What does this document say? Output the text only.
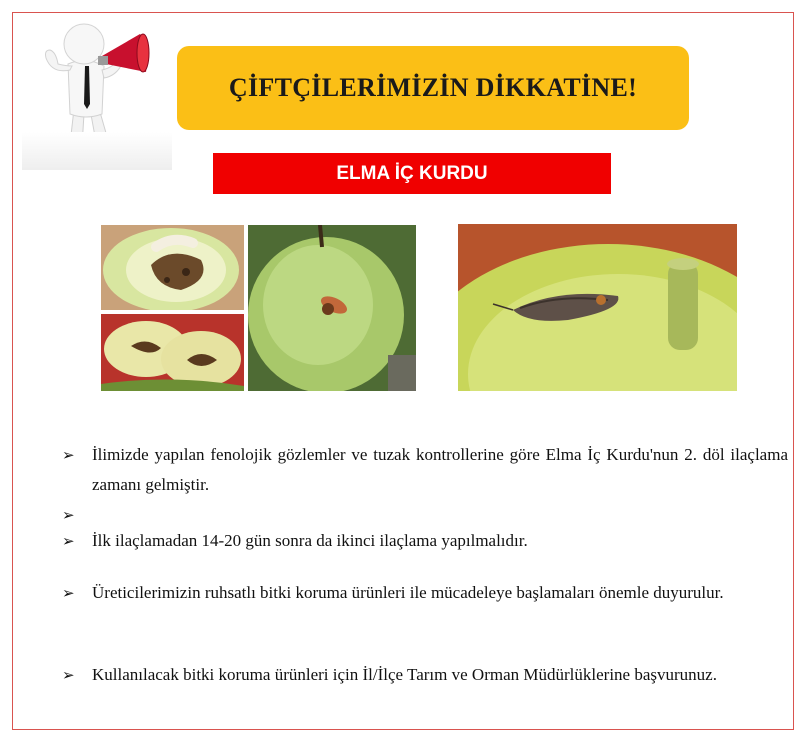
ÇİFTÇİLERİMİZİN DİKKATİNE!
ELMA İÇ KURDU
➢	İlimizde yapılan fenolojik gözlemler ve tuzak kontrollerine göre Elma İç Kurdu'nun 2. döl ilaçlama zamanı gelmiştir.
➢
➢	İlk ilaçlamadan 14-20 gün sonra da ikinci ilaçlama yapılmalıdır.
➢	Üreticilerimizin ruhsatlı bitki koruma ürünleri ile mücadeleye başlamaları önemle duyurulur.
➢	Kullanılacak bitki koruma ürünleri için İl/İlçe Tarım ve Orman Müdürlüklerine başvurunuz.
